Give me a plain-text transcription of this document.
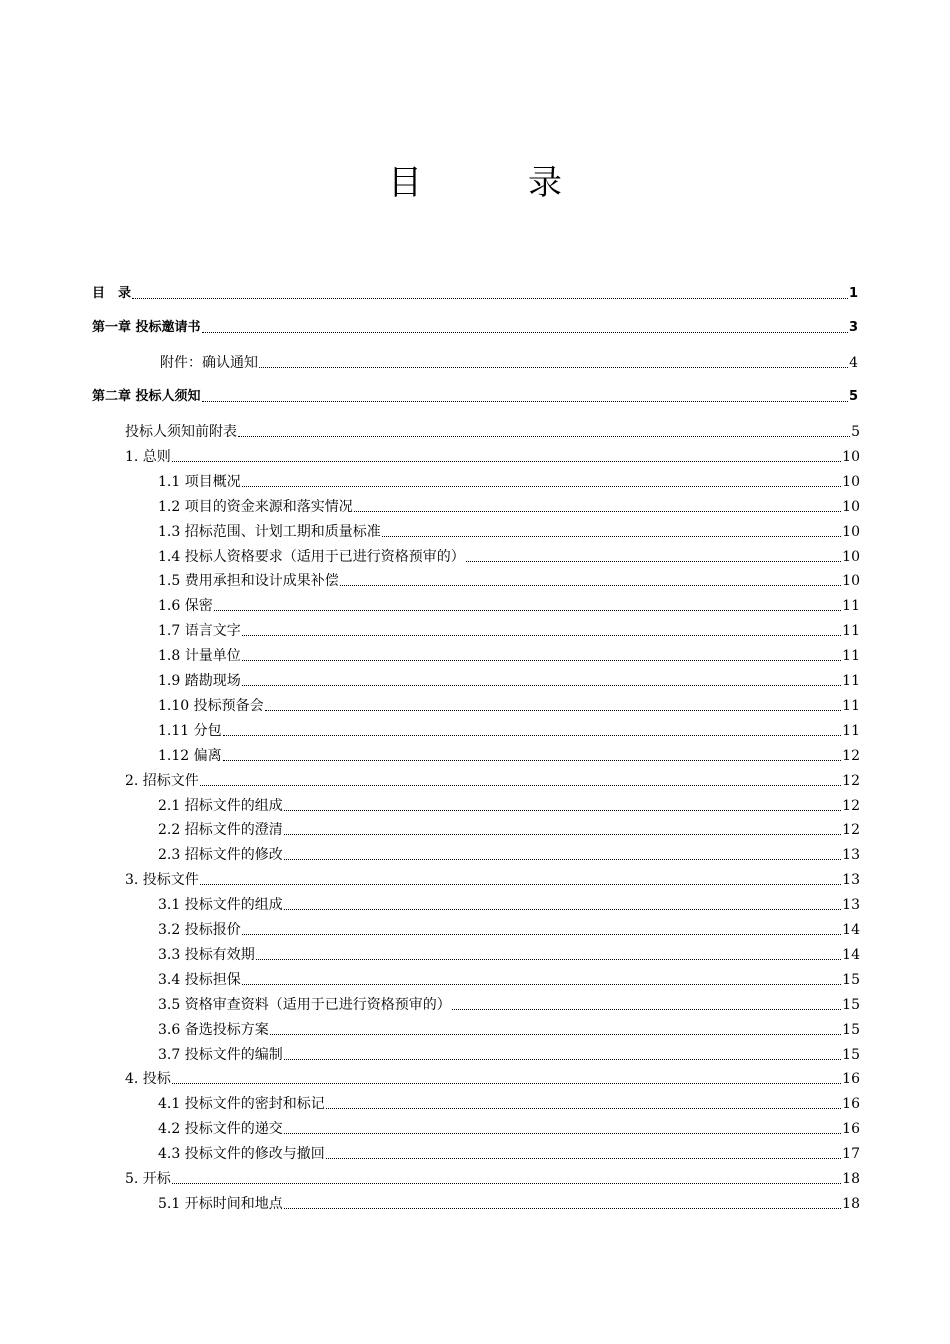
目　录
目　录	1
第一章 投标邀请书	3
附件：确认通知	4
第二章 投标人须知	5
投标人须知前附表	5
1. 总则	10
1.1 项目概况	10
1.2 项目的资金来源和落实情况	10
1.3 招标范围、计划工期和质量标准	10
1.4 投标人资格要求（适用于已进行资格预审的）	10
1.5 费用承担和设计成果补偿	10
1.6 保密	11
1.7 语言文字	11
1.8 计量单位	11
1.9 踏勘现场	11
1.10 投标预备会	11
1.11 分包	11
1.12 偏离	12
2. 招标文件	12
2.1 招标文件的组成	12
2.2 招标文件的澄清	12
2.3 招标文件的修改	13
3. 投标文件	13
3.1 投标文件的组成	13
3.2 投标报价	14
3.3 投标有效期	14
3.4 投标担保	15
3.5 资格审查资料（适用于已进行资格预审的）	15
3.6 备选投标方案	15
3.7 投标文件的编制	15
4. 投标	16
4.1 投标文件的密封和标记	16
4.2 投标文件的递交	16
4.3 投标文件的修改与撤回	17
5. 开标	18
5.1 开标时间和地点	18
